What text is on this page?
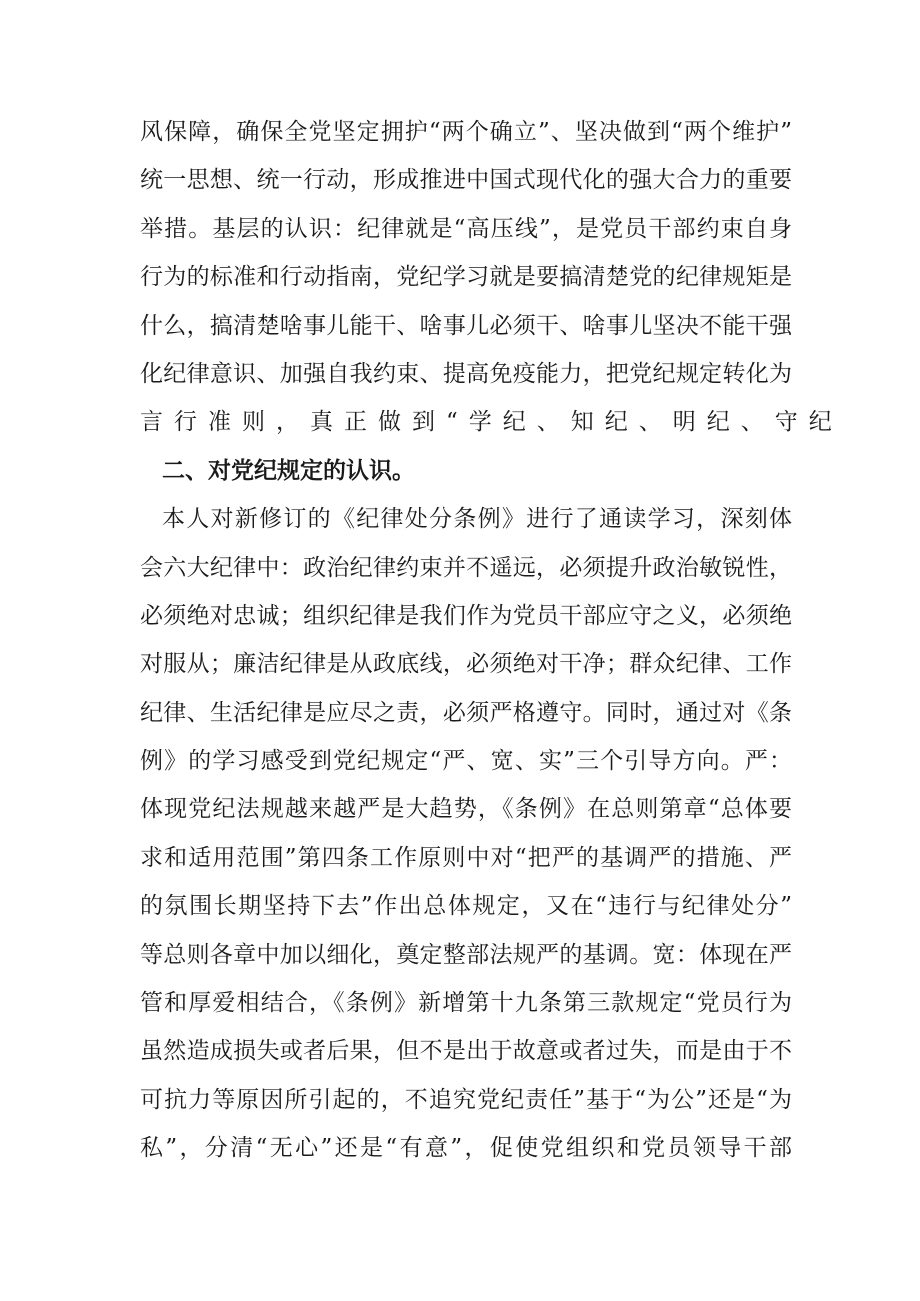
风保障，确保全党坚定拥护“两个确立”、坚决做到“两个维护”
统一思想、统一行动，形成推进中国式现代化的强大合力的重要
举措。基层的认识：纪律就是“高压线”，是党员干部约束自身
行为的标准和行动指南，党纪学习就是要搞清楚党的纪律规矩是
什么，搞清楚啥事儿能干、啥事儿必须干、啥事儿坚决不能干强
化纪律意识、加强自我约束、提高免疫能力，把党纪规定转化为
言行准则，真正做到“学纪、知纪、明纪、守纪
二、对党纪规定的认识。
本人对新修订的《纪律处分条例》进行了通读学习，深刻体
会六大纪律中：政治纪律约束并不遥远，必须提升政治敏锐性，
必须绝对忠诚；组织纪律是我们作为党员干部应守之义，必须绝
对服从；廉洁纪律是从政底线，必须绝对干净；群众纪律、工作
纪律、生活纪律是应尽之责，必须严格遵守。同时，通过对《条
例》的学习感受到党纪规定“严、宽、实”三个引导方向。严：
体现党纪法规越来越严是大趋势，《条例》在总则第章“总体要
求和适用范围”第四条工作原则中对“把严的基调严的措施、严
的氛围长期坚持下去”作出总体规定，又在“违行与纪律处分”
等总则各章中加以细化，奠定整部法规严的基调。宽：体现在严
管和厚爱相结合，《条例》新增第十九条第三款规定“党员行为
虽然造成损失或者后果，但不是出于故意或者过失，而是由于不
可抗力等原因所引起的，不追究党纪责任”基于“为公”还是“为
私”，分清“无心”还是“有意”，促使党组织和党员领导干部
